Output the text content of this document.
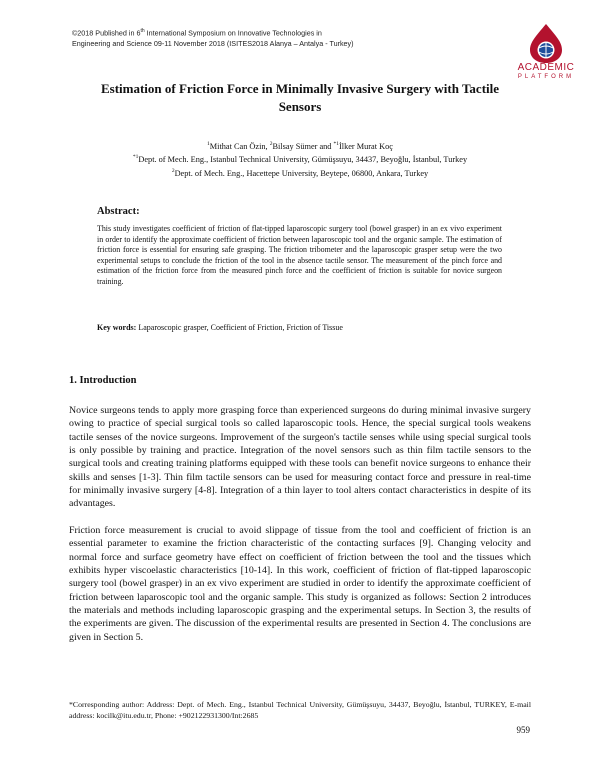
©2018 Published in 6th International Symposium on Innovative Technologies in
Engineering and Science 09-11 November 2018 (ISITES2018 Alanya – Antalya - Turkey)
ACADEMIC
PLATFORM
Estimation of Friction Force in Minimally Invasive Surgery with Tactile Sensors
$^1$Mithat Can Özin, $^2$Bilsay Sümer and $^{*1}$İlker Murat Koç
$^{*1}$Dept. of Mech. Eng., Istanbul Technical University, Gümüşsuyu, 34437, Beyoğlu, İstanbul, Turkey
$^2$Dept. of Mech. Eng., Hacettepe University, Beytepe, 06800, Ankara, Turkey
Abstract:
This study investigates coefficient of friction of flat-tipped laparoscopic surgery tool (bowel grasper) in an ex vivo experiment in order to identify the approximate coefficient of friction between laparoscopic tool and the organic sample. The estimation of friction force is essential for ensuring safe grasping. The friction tribometer and the laparoscopic grasper setup were the two experimental setups to conclude the friction of the tool in the absence tactile sensor. The measurement of the pinch force and estimation of the friction force from the measured pinch force and the coefficient of friction is suitable for novice surgeon training.
Key words: Laparoscopic grasper, Coefficient of Friction, Friction of Tissue
1. Introduction
Novice surgeons tends to apply more grasping force than experienced surgeons do during minimal invasive surgery owing to practice of special surgical tools so called laparoscopic tools. Hence, the special surgical tools weakens tactile senses of the novice surgeons. Improvement of the surgeon's tactile senses while using special surgical tools is only possible by training and practice. Integration of the novel sensors such as thin film tactile sensors to the surgical tools and creating training platforms equipped with these tools can benefit novice surgeons to enhance their skills and senses [1-3]. Thin film tactile sensors can be used for measuring contact force and pressure in real-time for minimally invasive surgery [4-8]. Integration of a thin layer to tool alters contact characteristics in despite of its advantages.
Friction force measurement is crucial to avoid slippage of tissue from the tool and coefficient of friction is an essential parameter to examine the friction characteristic of the contacting surfaces [9]. Changing velocity and normal force and surface geometry have effect on coefficient of friction between the tool and the tissues which exhibits hyper viscoelastic characteristics [10-14]. In this work, coefficient of friction of flat-tipped laparoscopic surgery tool (bowel grasper) in an ex vivo experiment are studied in order to identify the approximate coefficient of friction between laparoscopic tool and the organic sample. This study is organized as follows: Section 2 introduces the materials and methods including laparoscopic grasping and the experimental setups. In Section 3, the results of the experiments are given. The discussion of the experimental results are presented in Section 4. The conclusions are given in Section 5.
*Corresponding author: Address: Dept. of Mech. Eng., Istanbul Technical University, Gümüşsuyu, 34437, Beyoğlu, İstanbul, TURKEY, E-mail address: kocilk@itu.edu.tr, Phone: +902122931300/Int:2685
959
